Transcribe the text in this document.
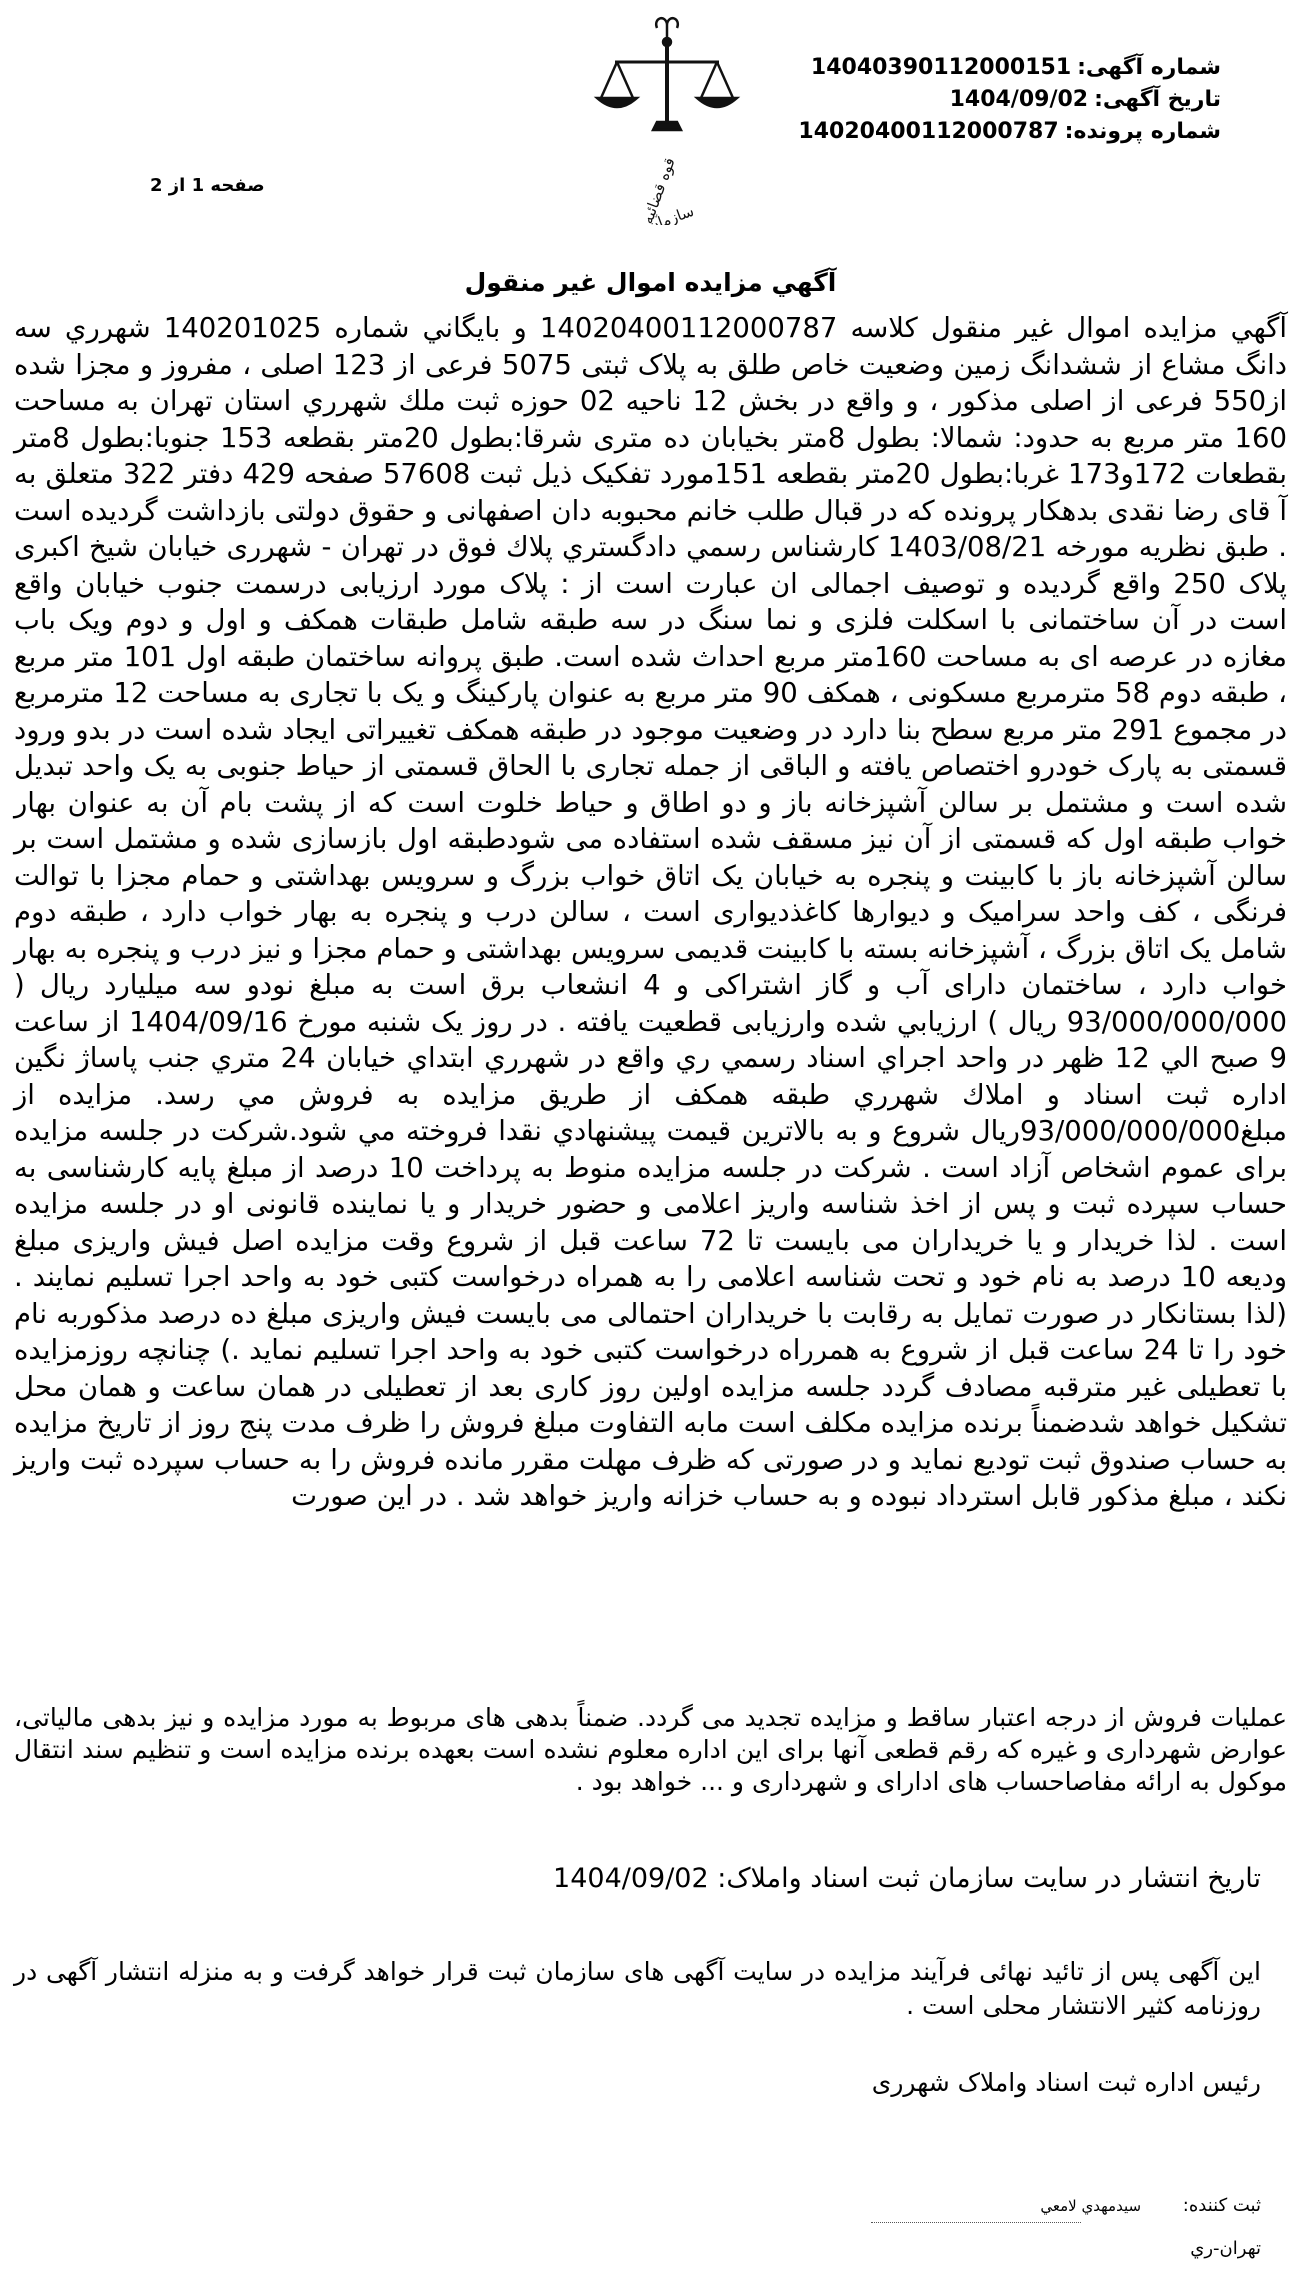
قوه قضائیه
شماره آگهی:14040390112000151
تاریخ آگهی:1404/09/02
شماره پرونده:14020400112000787
صفحه 1 از 2
آگهي مزايده اموال غير منقول

آگهي مزايده اموال غير منقول كلاسه 14020400112000787 و بايگاني شماره 140201025 شهرري سه دانگ مشاع از ششدانگ زمین وضعیت خاص طلق به پلاک ثبتی 5075 فرعی از 123 اصلی ، مفروز و مجزا شده از550 فرعی از اصلی مذکور ، و واقع در بخش 12 ناحيه 02 حوزه ثبت ملك شهرري استان تهران به مساحت 160 متر مربع به حدود: شمالا: بطول 8متر بخیابان ده متری شرقا:بطول 20متر بقطعه 153 جنوبا:بطول 8متر بقطعات 172و173 غربا:بطول 20متر بقطعه 151مورد تفکیک ذیل ثبت 57608 صفحه 429 دفتر 322 متعلق به آ قای رضا نقدی بدهکار پرونده که در قبال طلب خانم محبوبه دان اصفهانی و حقوق دولتی بازداشت گردیده است . طبق نظريه مورخه 1403/08/21 کارشناس رسمي دادگستري پلاك فوق در تهران - شهرری خیابان شیخ اکبری پلاک 250 واقع گردیده و توصیف اجمالی ان عبارت است از : پلاک مورد ارزیابی درسمت جنوب خیابان واقع است در آن ساختمانی با اسکلت فلزی و نما سنگ در سه طبقه شامل طبقات همکف و اول و دوم ویک باب مغازه در عرصه ای به مساحت 160متر مربع احداث شده است. طبق پروانه ساختمان طبقه اول 101 متر مربع ، طبقه دوم 58 مترمربع مسکونی ، همکف 90 متر مربع به عنوان پارکینگ و یک با تجاری به مساحت 12 مترمربع در مجموع 291 متر مربع سطح بنا دارد در وضعیت موجود در طبقه همکف تغییراتی ایجاد شده است در بدو ورود قسمتی به پارک خودرو اختصاص یافته و الباقی از جمله تجاری با الحاق قسمتی از حیاط جنوبی به یک واحد تبدیل شده است و مشتمل بر سالن آشپزخانه باز و دو اطاق و حیاط خلوت است که از پشت بام آن به عنوان بهار خواب طبقه اول که قسمتی از آن نیز مسقف شده استفاده می شودطبقه اول بازسازی شده و مشتمل است بر سالن آشپزخانه باز با کابینت و پنجره به خیابان یک اتاق خواب بزرگ و سرویس بهداشتی و حمام مجزا با توالت فرنگی ، کف واحد سرامیک و دیوارها کاغذدیواری است ، سالن درب و پنجره به بهار خواب دارد ، طبقه دوم شامل یک اتاق بزرگ ، آشپزخانه بسته با کابینت قدیمی سرویس بهداشتی و حمام مجزا و نیز درب و پنجره به بهار خواب دارد ، ساختمان دارای آب و گاز اشتراکی و 4 انشعاب برق است به مبلغ نودو سه میلیارد ريال ( 93/000/000/000 ريال ) ارزيابي شده وارزيابی قطعیت یافته . در روز یک شنبه مورخ 1404/09/16 از ساعت 9 صبح الي 12 ظهر در واحد اجراي اسناد رسمي ري واقع در شهرري ابتداي خيابان 24 متري جنب پاساژ نگين اداره ثبت اسناد و املاك شهرري طبقه همكف از طریق مزایده به فروش مي رسد. مزايده از مبلغ93/000/000/000ريال شروع و به بالاترين قيمت پيشنهادي نقدا فروخته مي شود.شرکت در جلسه مزایده برای عموم اشخاص آزاد است . شرکت در جلسه مزایده منوط به پرداخت 10 درصد از مبلغ پایه کارشناسی به حساب سپرده ثبت و پس از اخذ شناسه واریز اعلامی و حضور خریدار و یا نماینده قانونی او در جلسه مزایده است . لذا خریدار و یا خریداران می بایست تا 72 ساعت قبل از شروع وقت مزایده اصل فیش واریزی مبلغ ودیعه 10 درصد به نام خود و تحت شناسه اعلامی را به همراه درخواست کتبی خود به واحد اجرا تسلیم نمایند .(لذا بستانکار در صورت تمایل به رقابت با خریداران احتمالی می بایست فیش واریزی مبلغ ده درصد مذکوربه نام خود را تا 24 ساعت قبل از شروع به همرراه درخواست کتبی خود به واحد اجرا تسلیم نماید .) چنانچه روزمزایده با تعطیلی غیر مترقبه مصادف گردد جلسه مزایده اولین روز کاری بعد از تعطیلی در همان ساعت و همان محل تشکیل خواهد شدضمناً برنده مزایده مکلف است مابه التفاوت مبلغ فروش را ظرف مدت پنج روز از تاریخ مزایده به حساب صندوق ثبت تودیع نماید و در صورتی که ظرف مهلت مقرر مانده فروش را به حساب سپرده ثبت واریز نکند ، مبلغ مذکور قابل استرداد نبوده و به حساب خزانه واریز خواهد شد . در این صورت

عملیات فروش از درجه اعتبار ساقط و مزایده تجدید می گردد. ضمناً بدهی های مربوط به مورد مزایده و نیز بدهی مالیاتی، عوارض شهرداری و غیره که رقم قطعی آنها برای این اداره معلوم نشده است بعهده برنده مزایده است و تنظیم سند انتقال موکول به ارائه مفاصاحساب های ادارای و شهرداری و ... خواهد بود .
تاریخ انتشار در سایت سازمان ثبت اسناد واملاک: 1404/09/02
این آگهی پس از تائید نهائی فرآیند مزایده در سایت آگهی های سازمان ثبت قرار خواهد گرفت و به منزله انتشار آگهی در روزنامه کثیر الانتشار محلی است .
رئیس اداره ثبت اسناد واملاک شهرری
ثبت کننده: سیدمهدي لامعي
تهران-ري
